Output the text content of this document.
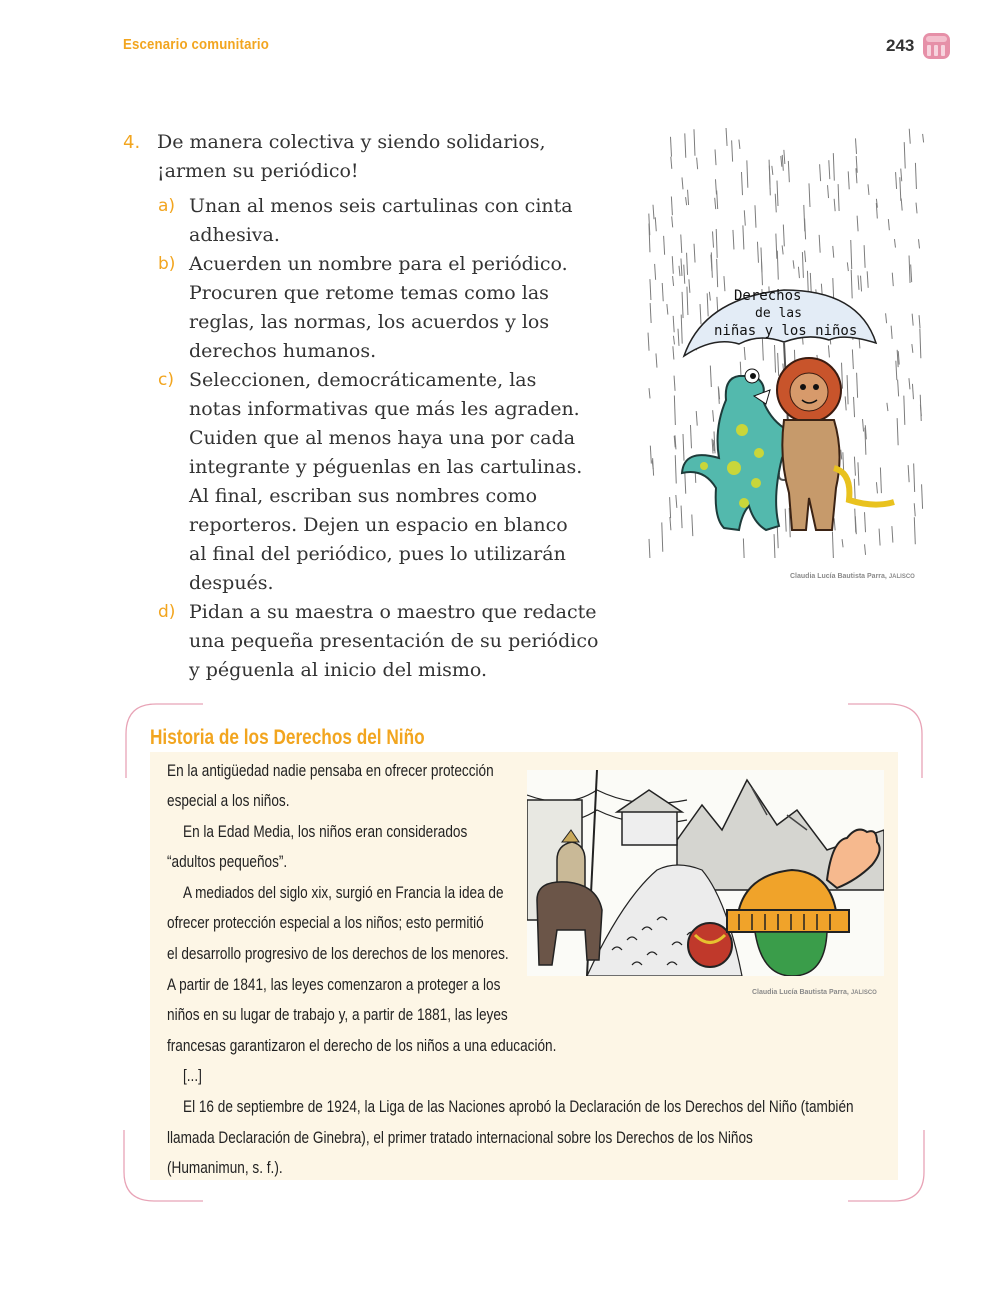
Escenario comunitario	243
4. De manera colectiva y siendo solidarios,
¡armen su periódico!
a) Unan al menos seis cartulinas con cinta
adhesiva.
b) Acuerden un nombre para el periódico.
Procuren que retome temas como las
reglas, las normas, los acuerdos y los
derechos humanos.
c) Seleccionen, democráticamente, las
notas informativas que más les agraden.
Cuiden que al menos haya una por cada
integrante y péguenlas en las cartulinas.
Al final, escriban sus nombres como
reporteros. Dejen un espacio en blanco
al final del periódico, pues lo utilizarán
después.
d) Pidan a su maestra o maestro que redacte
una pequeña presentación de su periódico
y péguenla al inicio del mismo.
Derechos
de las
niñas y los niños
Claudia Lucía Bautista Parra, JALISCO
Historia de los Derechos del Niño
En la antigüedad nadie pensaba en ofrecer protección
especial a los niños.
En la Edad Media, los niños eran considerados
“adultos pequeños”.
A mediados del siglo xix, surgió en Francia la idea de
ofrecer protección especial a los niños; esto permitió
el desarrollo progresivo de los derechos de los menores.
A partir de 1841, las leyes comenzaron a proteger a los
niños en su lugar de trabajo y, a partir de 1881, las leyes
francesas garantizaron el derecho de los niños a una educación.
[...]
El 16 de septiembre de 1924, la Liga de las Naciones aprobó la Declaración de los Derechos del Niño (también
llamada Declaración de Ginebra), el primer tratado internacional sobre los Derechos de los Niños
(Humanimun, s. f.).
Claudia Lucía Bautista Parra, JALISCO
